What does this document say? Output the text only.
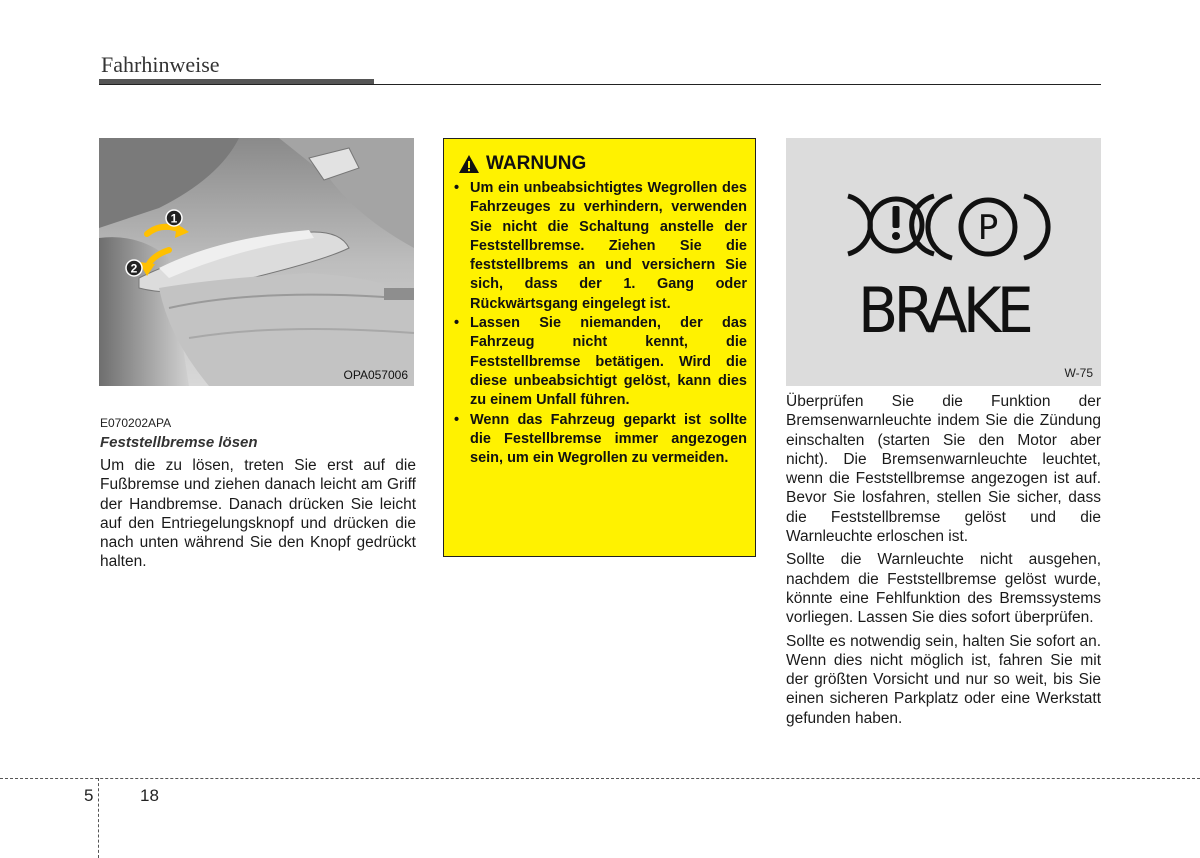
Fahrhinweise
1
2
OPA057006
E070202APA
Feststellbremse lösen
Um die zu lösen, treten Sie erst auf die Fußbremse und ziehen danach leicht am Griff der Handbremse. Danach drücken Sie leicht auf den Entriegelungsknopf und drücken die nach unten während Sie den Knopf gedrückt halten.
WARNUNG
• Um ein unbeabsichtigtes Wegrollen des Fahrzeuges zu verhindern, verwenden Sie nicht die Schaltung anstelle der Feststellbremse. Ziehen Sie die feststellbrems an und versichern Sie sich, dass der 1. Gang oder Rückwärtsgang eingelegt ist.
• Lassen Sie niemanden, der das Fahrzeug nicht kennt, die Feststellbremse betätigen. Wird die diese unbeabsichtigt gelöst, kann dies zu einem Unfall führen.
• Wenn das Fahrzeug geparkt ist sollte die Festellbremse immer angezogen sein, um ein Wegrollen zu vermeiden.
P
BRAKE
W-75

Überprüfen Sie die Funktion der Bremsenwarnleuchte indem Sie die Zündung einschalten (starten Sie den Motor aber nicht). Die Bremsenwarnleuchte leuchtet, wenn die Feststellbremse angezogen ist auf. Bevor Sie losfahren, stellen Sie sicher, dass die Feststellbremse gelöst und die Warnleuchte erloschen ist.

Sollte die Warnleuchte nicht ausgehen, nachdem die Feststellbremse gelöst wurde, könnte eine Fehlfunktion des Bremssystems vorliegen. Lassen Sie dies sofort überprüfen.

Sollte es notwendig sein, halten Sie sofort an. Wenn dies nicht möglich ist, fahren Sie mit der größten Vorsicht und nur so weit, bis Sie einen sicheren Parkplatz oder eine Werkstatt gefunden haben.

5	18
